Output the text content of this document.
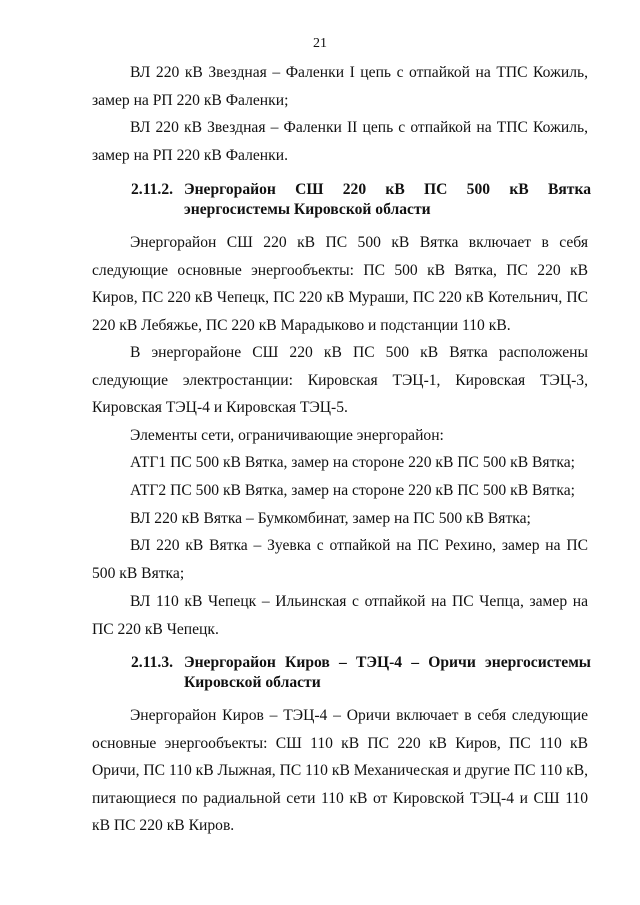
21

ВЛ 220 кВ Звездная – Фаленки I цепь с отпайкой на ТПС Кожиль, замер на РП 220 кВ Фаленки;

ВЛ 220 кВ Звездная – Фаленки II цепь с отпайкой на ТПС Кожиль, замер на РП 220 кВ Фаленки.

2.11.2. Энергорайон СШ 220 кВ ПС 500 кВ Вятка энергосистемы Кировской области

Энергорайон СШ 220 кВ ПС 500 кВ Вятка включает в себя следующие основные энергообъекты: ПС 500 кВ Вятка, ПС 220 кВ Киров, ПС 220 кВ Чепецк, ПС 220 кВ Мураши, ПС 220 кВ Котельнич, ПС 220 кВ Лебяжье, ПС 220 кВ Марадыково и подстанции 110 кВ.

В энергорайоне СШ 220 кВ ПС 500 кВ Вятка расположены следующие электростанции: Кировская ТЭЦ-1, Кировская ТЭЦ-3, Кировская ТЭЦ-4 и Кировская ТЭЦ-5.

Элементы сети, ограничивающие энергорайон:

АТГ1 ПС 500 кВ Вятка, замер на стороне 220 кВ ПС 500 кВ Вятка;

АТГ2 ПС 500 кВ Вятка, замер на стороне 220 кВ ПС 500 кВ Вятка;

ВЛ 220 кВ Вятка – Бумкомбинат, замер на ПС 500 кВ Вятка;

ВЛ 220 кВ Вятка – Зуевка с отпайкой на ПС Рехино, замер на ПС 500 кВ Вятка;

ВЛ 110 кВ Чепецк – Ильинская с отпайкой на ПС Чепца, замер на ПС 220 кВ Чепецк.

2.11.3. Энергорайон Киров – ТЭЦ-4 – Оричи энергосистемы Кировской области

Энергорайон Киров – ТЭЦ-4 – Оричи включает в себя следующие основные энергообъекты: СШ 110 кВ ПС 220 кВ Киров, ПС 110 кВ Оричи, ПС 110 кВ Лыжная, ПС 110 кВ Механическая и другие ПС 110 кВ, питающиеся по радиальной сети 110 кВ от Кировской ТЭЦ-4 и СШ 110 кВ ПС 220 кВ Киров.
